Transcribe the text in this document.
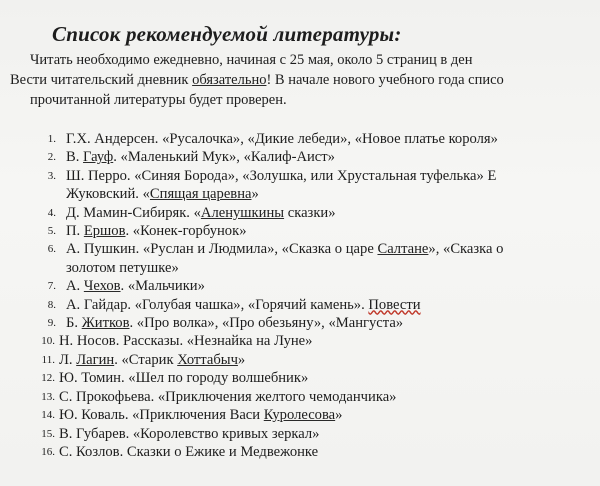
Список рекомендуемой литературы:
Читать необходимо ежедневно, начиная с 25 мая, около 5 страниц в ден
Вести читательский дневник обязательно! В начале нового учебного года списо
прочитанной литературы будет проверен.
1. Г.Х. Андерсен. «Русалочка», «Дикие лебеди», «Новое платье короля»
2. В. Гауф. «Маленький Мук», «Калиф-Аист»
3. Ш. Перро. «Синяя Борода», «Золушка, или Хрустальная туфелька» Е
Жуковский. «Спящая царевна»
4. Д. Мамин-Сибиряк. «Аленушкины сказки»
5. П. Ершов. «Конек-горбунок»
6. А. Пушкин. «Руслан и Людмила», «Сказка о царе Салтане», «Сказка о
золотом петушке»
7. А. Чехов. «Мальчики»
8. А. Гайдар. «Голубая чашка», «Горячий камень». Повести
9. Б. Житков. «Про волка», «Про обезьяну», «Мангуста»
10. Н. Носов. Рассказы. «Незнайка на Луне»
11. Л. Лагин. «Старик Хоттабыч»
12. Ю. Томин. «Шел по городу волшебник»
13. С. Прокофьева. «Приключения желтого чемоданчика»
14. Ю. Коваль. «Приключения Васи Куролесова»
15. В. Губарев. «Королевство кривых зеркал»
16. С. Козлов. Сказки о Ежике и Медвежонке
